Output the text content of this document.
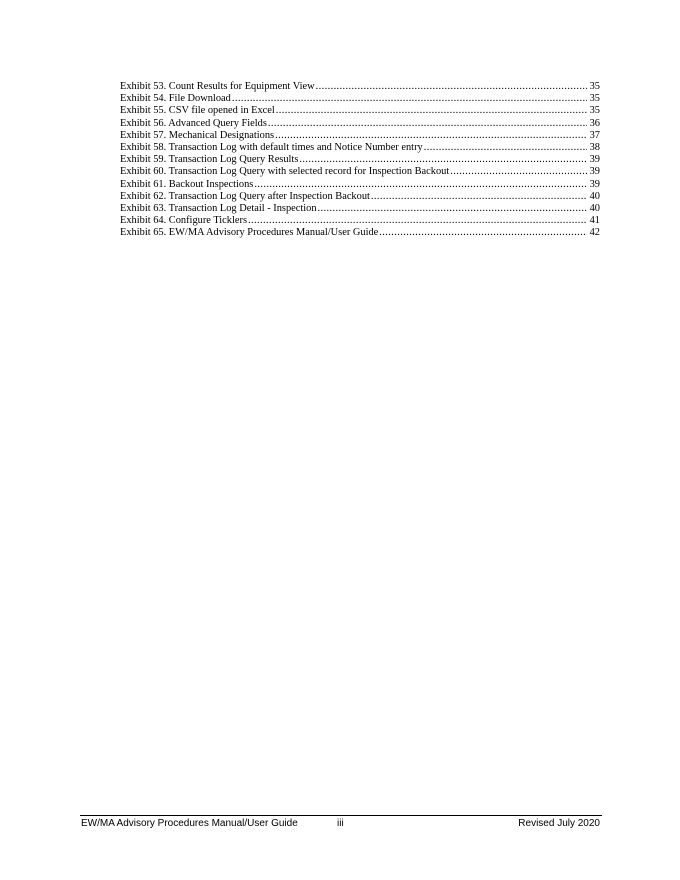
Exhibit 53. Count Results for Equipment View .....	35
Exhibit 54. File Download .....	35
Exhibit 55. CSV file opened in Excel .....	35
Exhibit 56. Advanced Query Fields .....	36
Exhibit 57. Mechanical Designations .....	37
Exhibit 58. Transaction Log with default times and Notice Number entry .....	38
Exhibit 59. Transaction Log Query Results .....	39
Exhibit 60. Transaction Log Query with selected record for Inspection Backout .....	39
Exhibit 61. Backout Inspections .....	39
Exhibit 62. Transaction Log Query after Inspection Backout .....	40
Exhibit 63. Transaction Log Detail - Inspection .....	40
Exhibit 64. Configure Ticklers .....	41
Exhibit 65. EW/MA Advisory Procedures Manual/User Guide .....	42
EW/MA Advisory Procedures Manual/User Guide	iii	Revised July 2020
